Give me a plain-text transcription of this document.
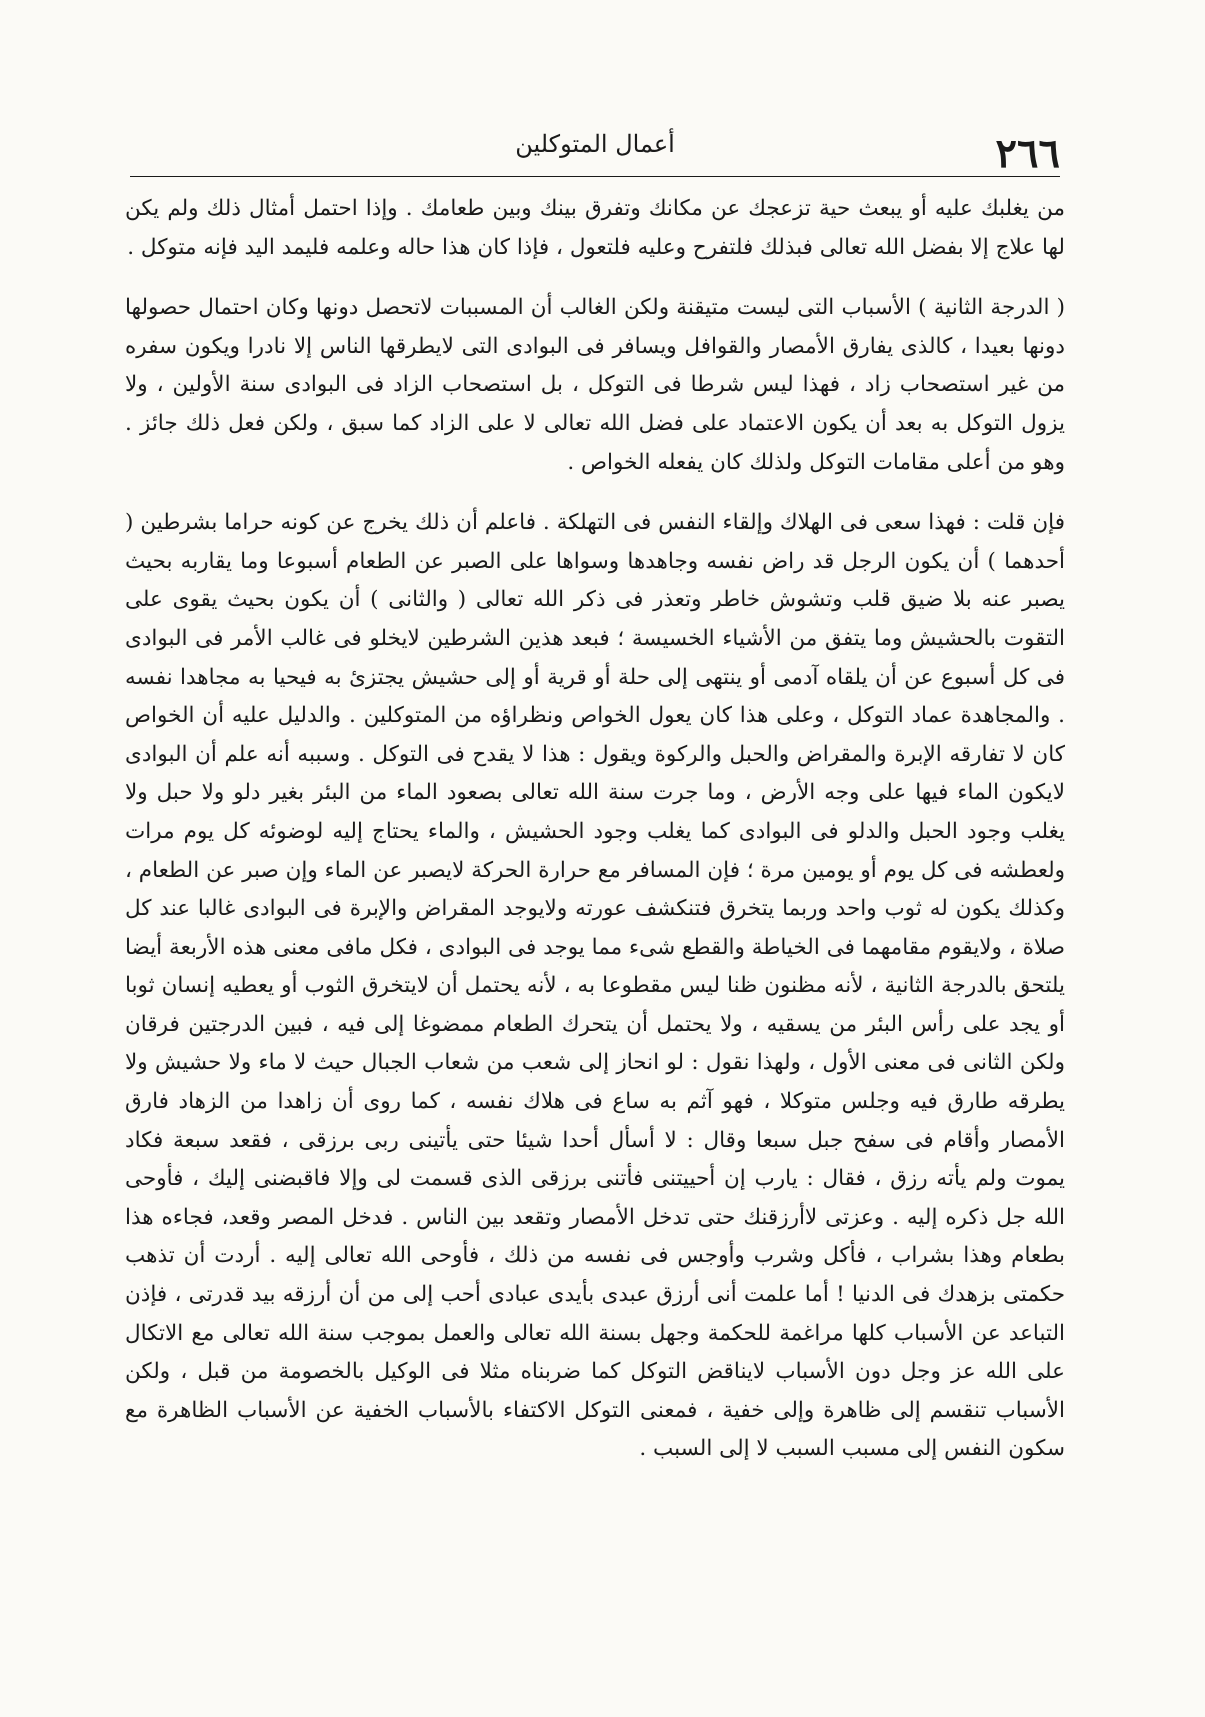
٢٦٦
أعمال المتوكلين

من يغلبك عليه أو يبعث حية تزعجك عن مكانك وتفرق بينك وبين طعامك . وإذا احتمل أمثال ذلك ولم يكن لها علاج إلا بفضل الله تعالى فبذلك فلتفرح وعليه فلتعول ، فإذا كان هذا حاله وعلمه فليمد اليد فإنه متوكل .

( الدرجة الثانية ) الأسباب التى ليست متيقنة ولكن الغالب أن المسببات لاتحصل دونها وكان احتمال حصولها دونها بعيدا ، كالذى يفارق الأمصار والقوافل ويسافر فى البوادى التى لايطرقها الناس إلا نادرا ويكون سفره من غير استصحاب زاد ، فهذا ليس شرطا فى التوكل ، بل استصحاب الزاد فى البوادى سنة الأولين ، ولا يزول التوكل به بعد أن يكون الاعتماد على فضل الله تعالى لا على الزاد كما سبق ، ولكن فعل ذلك جائز . وهو من أعلى مقامات التوكل ولذلك كان يفعله الخواص .

فإن قلت : فهذا سعى فى الهلاك وإلقاء النفس فى التهلكة . فاعلم أن ذلك يخرج عن كونه حراما بشرطين ( أحدهما ) أن يكون الرجل قد راض نفسه وجاهدها وسواها على الصبر عن الطعام أسبوعا وما يقاربه بحيث يصبر عنه بلا ضيق قلب وتشوش خاطر وتعذر فى ذكر الله تعالى ( والثانى ) أن يكون بحيث يقوى على التقوت بالحشيش وما يتفق من الأشياء الخسيسة ؛ فبعد هذين الشرطين لايخلو فى غالب الأمر فى البوادى فى كل أسبوع عن أن يلقاه آدمى أو ينتهى إلى حلة أو قرية أو إلى حشيش يجتزئ به فيحيا به مجاهدا نفسه . والمجاهدة عماد التوكل ، وعلى هذا كان يعول الخواص ونظراؤه من المتوكلين . والدليل عليه أن الخواص كان لا تفارقه الإبرة والمقراض والحبل والركوة ويقول : هذا لا يقدح فى التوكل . وسببه أنه علم أن البوادى لايكون الماء فيها على وجه الأرض ، وما جرت سنة الله تعالى بصعود الماء من البئر بغير دلو ولا حبل ولا يغلب وجود الحبل والدلو فى البوادى كما يغلب وجود الحشيش ، والماء يحتاج إليه لوضوئه كل يوم مرات ولعطشه فى كل يوم أو يومين مرة ؛ فإن المسافر مع حرارة الحركة لايصبر عن الماء وإن صبر عن الطعام ، وكذلك يكون له ثوب واحد وربما يتخرق فتنكشف عورته ولايوجد المقراض والإبرة فى البوادى غالبا عند كل صلاة ، ولايقوم مقامهما فى الخياطة والقطع شىء مما يوجد فى البوادى ، فكل مافى معنى هذه الأربعة أيضا يلتحق بالدرجة الثانية ، لأنه مظنون ظنا ليس مقطوعا به ، لأنه يحتمل أن لايتخرق الثوب أو يعطيه إنسان ثوبا أو يجد على رأس البئر من يسقيه ، ولا يحتمل أن يتحرك الطعام ممضوغا إلى فيه ، فبين الدرجتين فرقان ولكن الثانى فى معنى الأول ، ولهذا نقول : لو انحاز إلى شعب من شعاب الجبال حيث لا ماء ولا حشيش ولا يطرقه طارق فيه وجلس متوكلا ، فهو آثم به ساع فى هلاك نفسه ، كما روى أن زاهدا من الزهاد فارق الأمصار وأقام فى سفح جبل سبعا وقال : لا أسأل أحدا شيئا حتى يأتينى ربى برزقى ، فقعد سبعة فكاد يموت ولم يأته رزق ، فقال : يارب إن أحييتنى فأتنى برزقى الذى قسمت لى وإلا فاقبضنى إليك ، فأوحى الله جل ذكره إليه . وعزتى لاأرزقنك حتى تدخل الأمصار وتقعد بين الناس . فدخل المصر وقعد، فجاءه هذا بطعام وهذا بشراب ، فأكل وشرب وأوجس فى نفسه من ذلك ، فأوحى الله تعالى إليه . أردت أن تذهب حكمتى بزهدك فى الدنيا ! أما علمت أنى أرزق عبدى بأيدى عبادى أحب إلى من أن أرزقه بيد قدرتى ، فإذن التباعد عن الأسباب كلها مراغمة للحكمة وجهل بسنة الله تعالى والعمل بموجب سنة الله تعالى مع الاتكال على الله عز وجل دون الأسباب لايناقض التوكل كما ضربناه مثلا فى الوكيل بالخصومة من قبل ، ولكن الأسباب تنقسم إلى ظاهرة وإلى خفية ، فمعنى التوكل الاكتفاء بالأسباب الخفية عن الأسباب الظاهرة مع سكون النفس إلى مسبب السبب لا إلى السبب .
